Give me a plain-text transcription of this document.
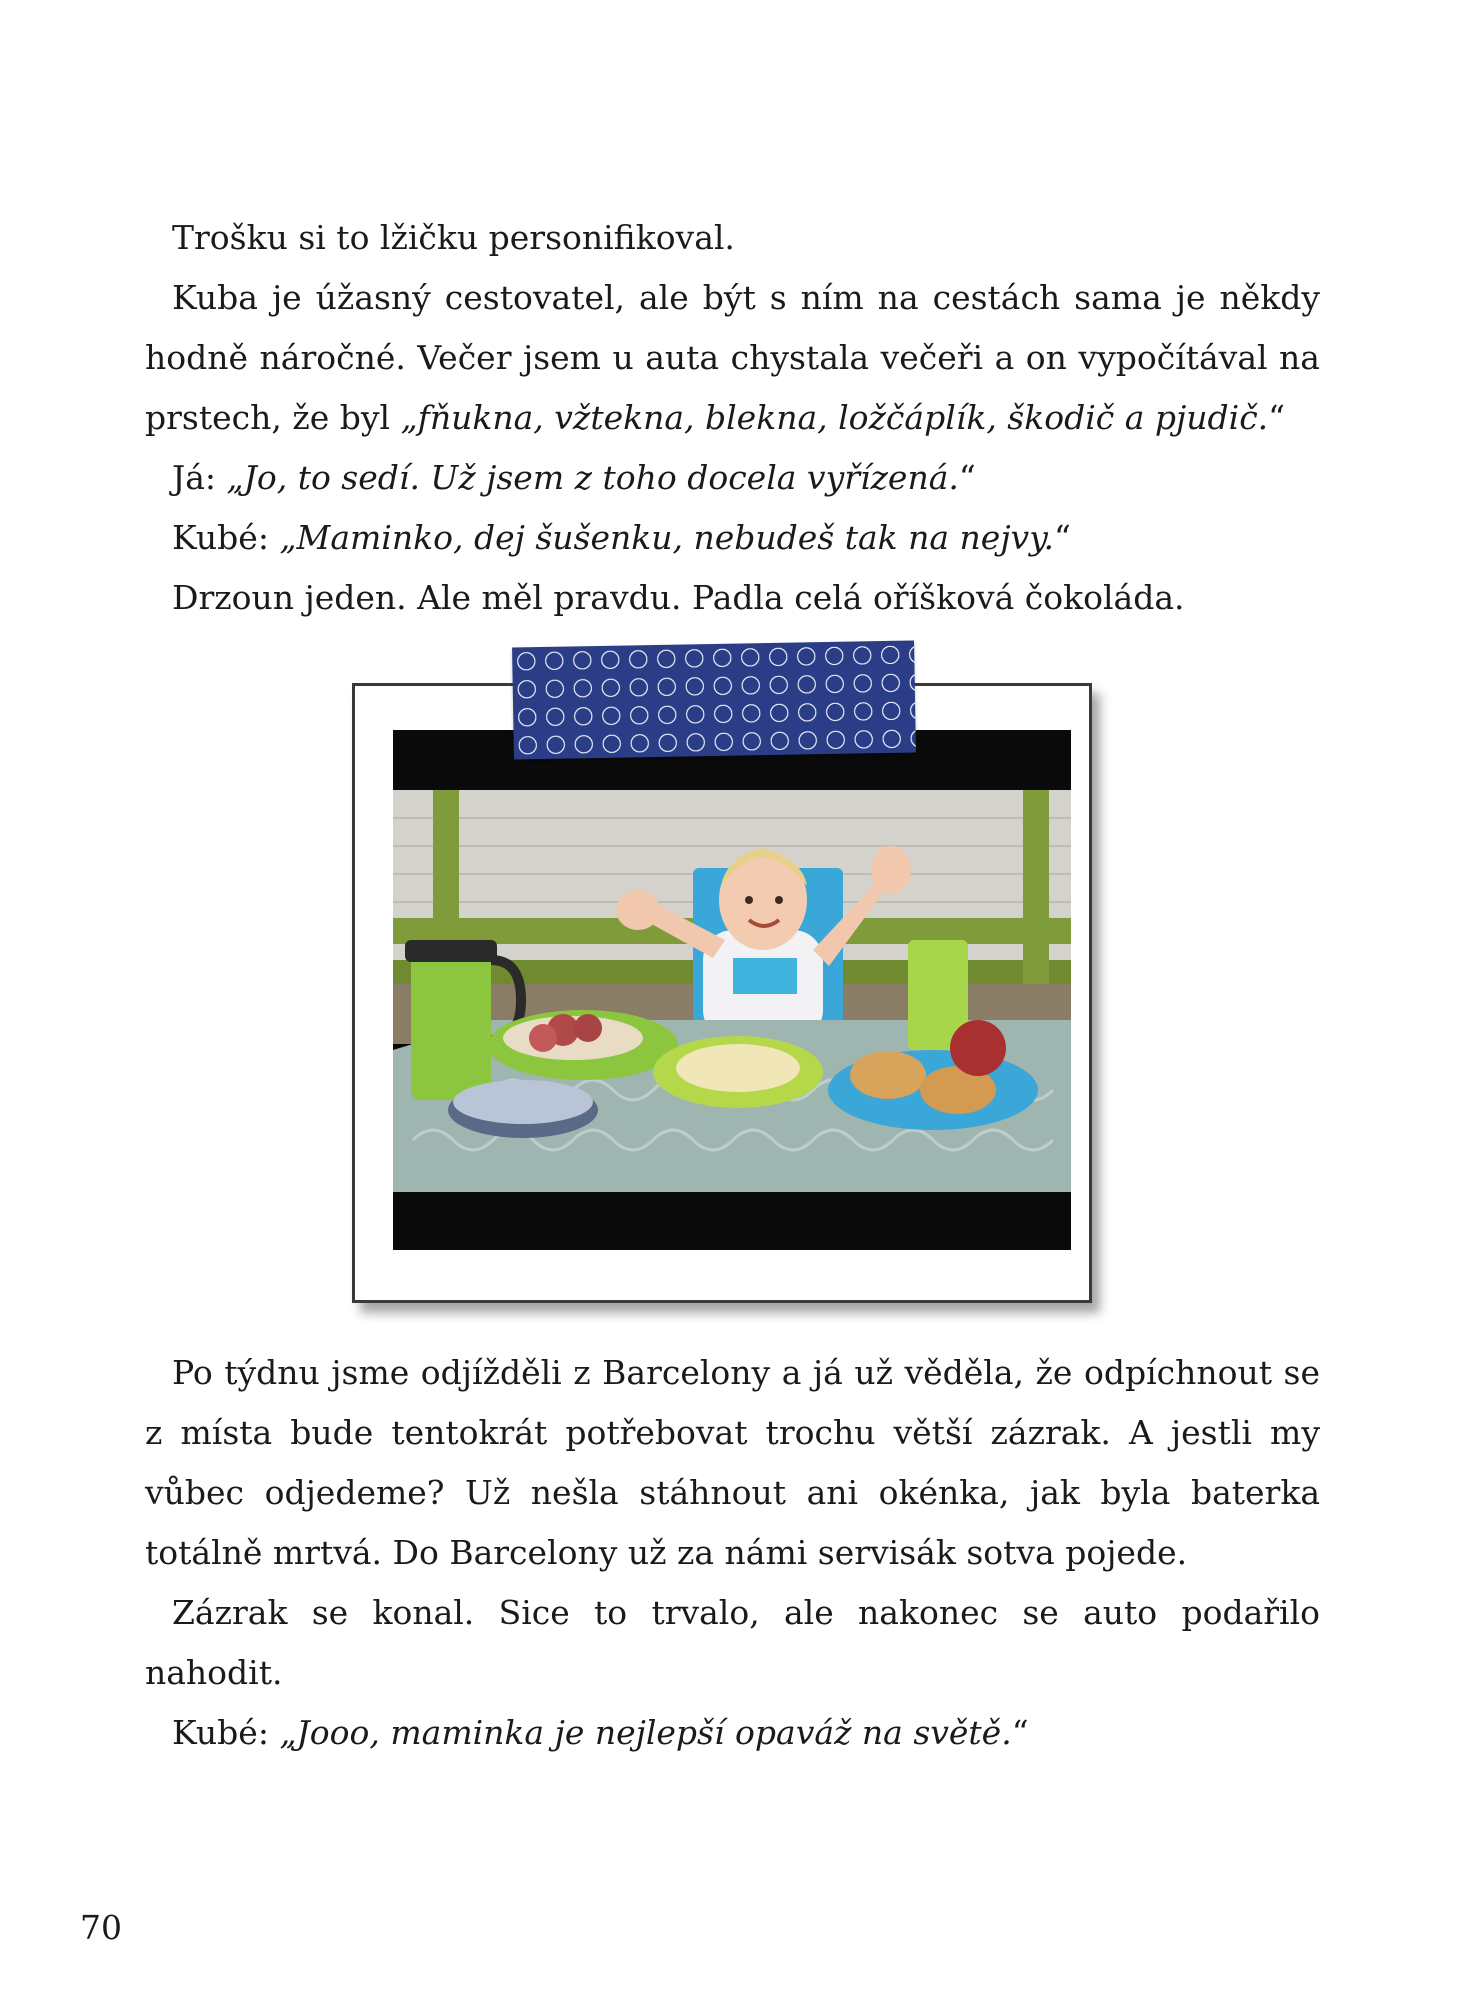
Trošku si to lžičku personifikoval.

Kuba je úžasný cestovatel, ale být s ním na cestách sama je někdy hodně náročné. Večer jsem u auta chystala večeři a on vypočítával na prstech, že byl „fňukna, vžtekna, blekna, ložčáplík, škodič a pjudič.“

Já: „Jo, to sedí. Už jsem z toho docela vyřízená.“

Kubé: „Maminko, dej šušenku, nebudeš tak na nejvy.“

Drzoun jeden. Ale měl pravdu. Padla celá oříšková čokoláda.

Po týdnu jsme odjížděli z Barcelony a já už věděla, že odpíchnout se z místa bude tentokrát potřebovat trochu větší zázrak. A jestli my vůbec odjedeme? Už nešla stáhnout ani okénka, jak byla baterka totálně mrtvá. Do Barcelony už za námi servisák sotva pojede.

Zázrak se konal. Sice to trvalo, ale nakonec se auto podařilo nahodit.

Kubé: „Jooo, maminka je nejlepší opaváž na světě.“

70
